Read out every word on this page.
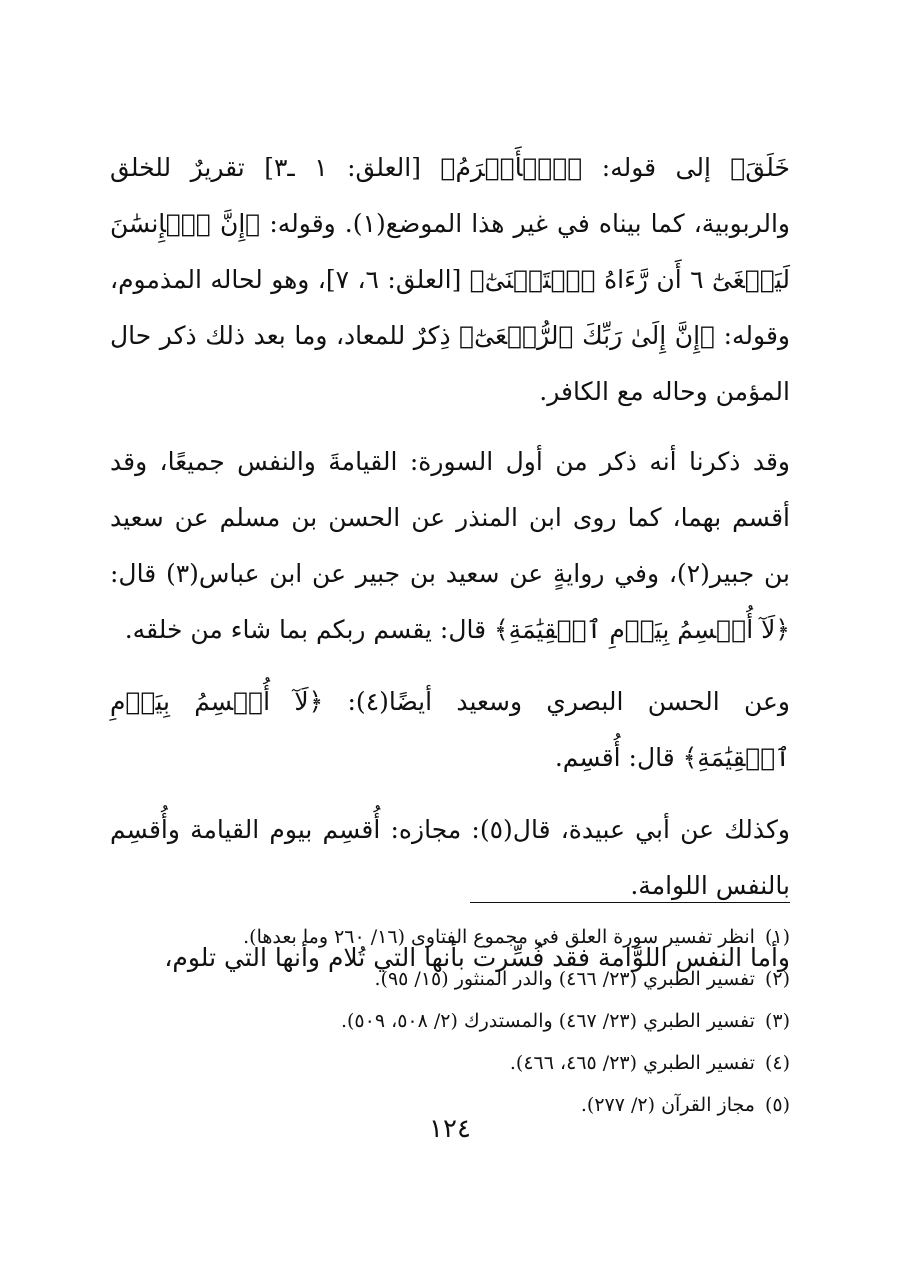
خَلَقَ﴾ إلى قوله: ﴿ٱلۡأَكۡرَمُ﴾ [العلق: ١ ـ٣] تقريرٌ للخلق والربوبية، كما بيناه في غير هذا الموضع(١). وقوله: ﴿إِنَّ ٱلۡإِنسَٰنَ لَيَطۡغَىٰٓ ٦ أَن رَّءَاهُ ٱسۡتَغۡنَىٰٓ﴾ [العلق: ٦، ٧]، وهو لحاله المذموم، وقوله: ﴿إِنَّ إِلَىٰ رَبِّكَ ٱلرُّجۡعَىٰٓ﴾ ذِكرٌ للمعاد، وما بعد ذلك ذكر حال المؤمن وحاله مع الكافر.

وقد ذكرنا أنه ذكر من أول السورة: القيامةَ والنفس جميعًا، وقد أقسم بهما، كما روى ابن المنذر عن الحسن بن مسلم عن سعيد بن جبير(٢)، وفي روايةٍ عن سعيد بن جبير عن ابن عباس(٣) قال: ﴿لَآ أُقۡسِمُ بِيَوۡمِ ٱلۡقِيَٰمَةِ﴾ قال: يقسم ربكم بما شاء من خلقه.

وعن الحسن البصري وسعيد أيضًا(٤): ﴿لَآ أُقۡسِمُ بِيَوۡمِ ٱلۡقِيَٰمَةِ﴾ قال: أُقسِم.

وكذلك عن أبي عبيدة، قال(٥): مجازه: أُقسِم بيوم القيامة وأُقسِم بالنفس اللوامة.

وأما النفس اللوَّامة فقد فُسِّرت بأنها التي تُلام وأنها التي تلوم،

(١)انظر تفسير سورة العلق في مجموع الفتاوى (١٦/ ٢٦٠ وما بعدها).
(٢)تفسير الطبري (٢٣/ ٤٦٦) والدر المنثور (١٥/ ٩٥).
(٣)تفسير الطبري (٢٣/ ٤٦٧) والمستدرك (٢/ ٥٠٨، ٥٠٩).
(٤)تفسير الطبري (٢٣/ ٤٦٥، ٤٦٦).
(٥)مجاز القرآن (٢/ ٢٧٧).
١٢٤
